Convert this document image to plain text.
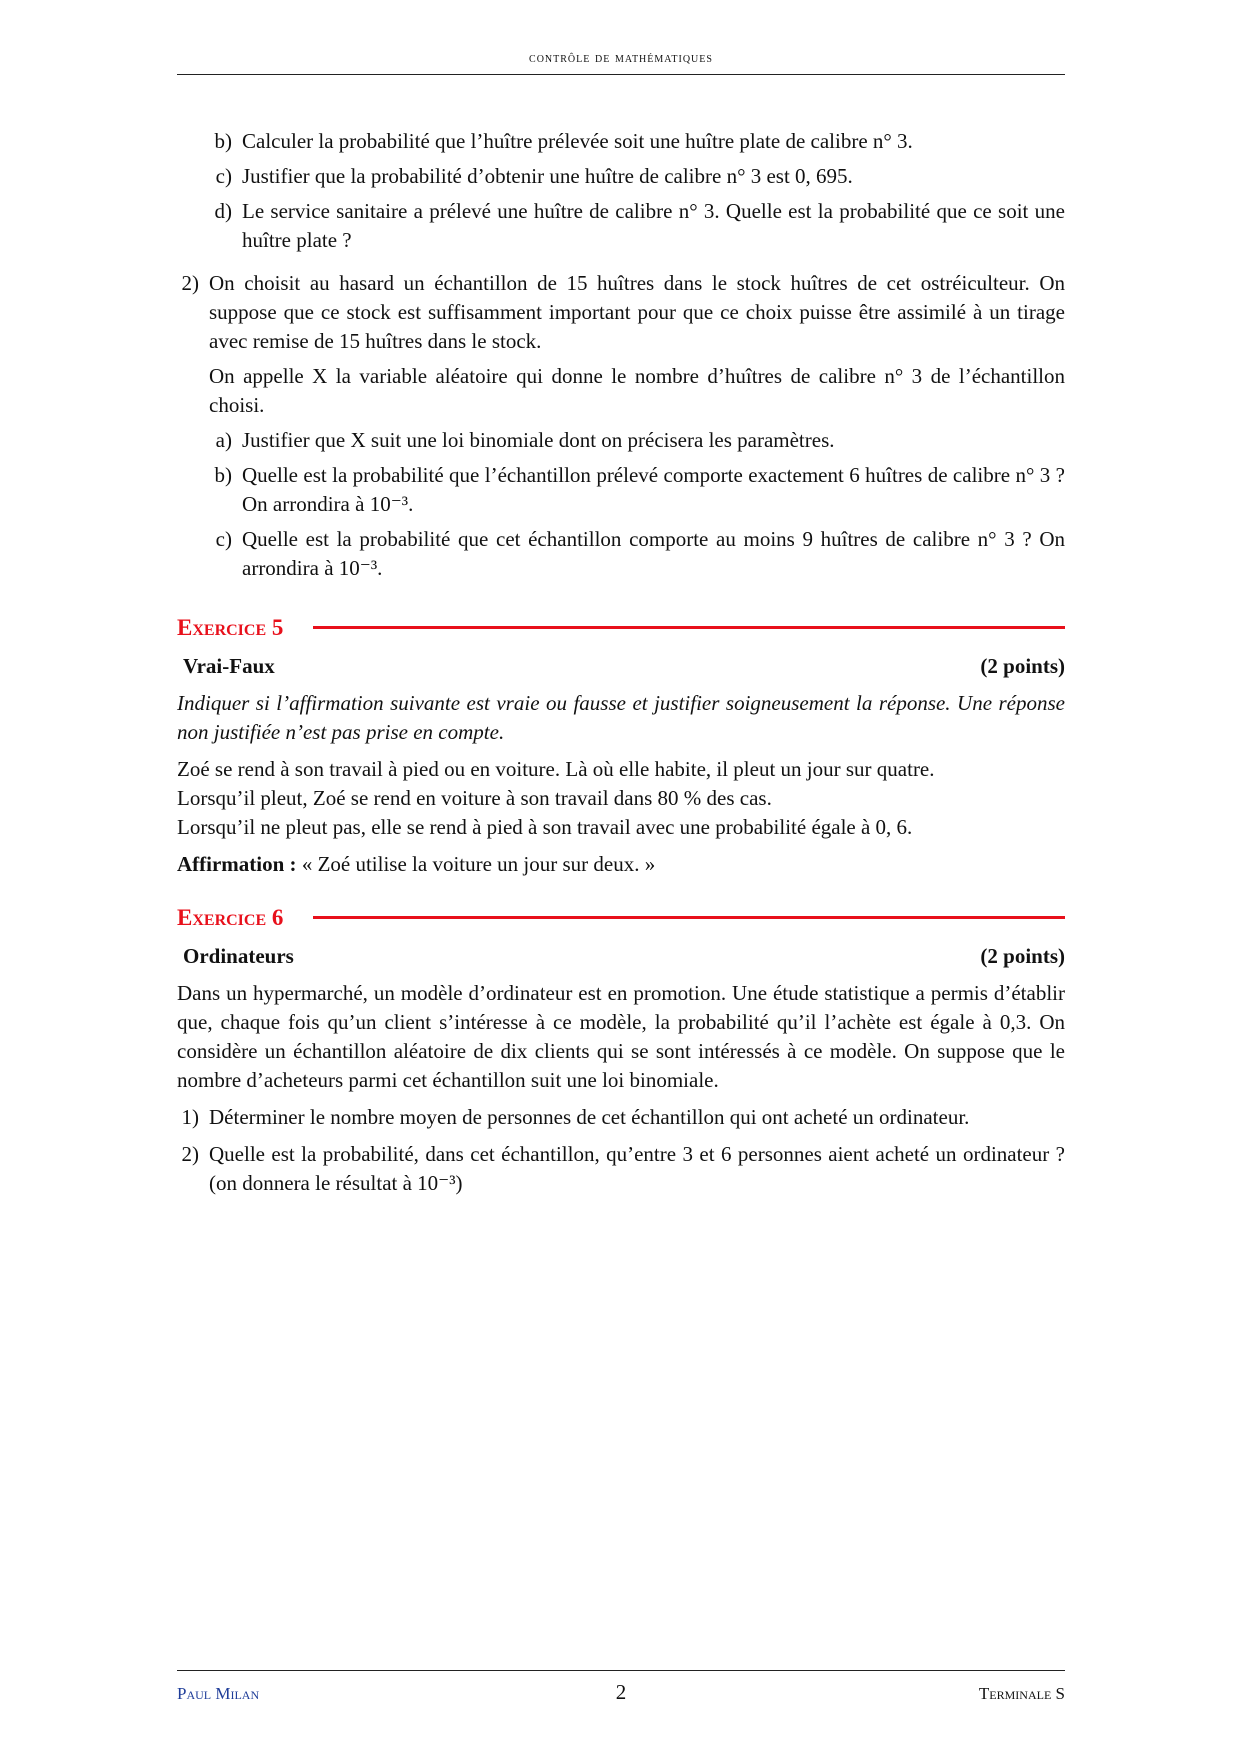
contrôle de mathématiques
b) Calculer la probabilité que l’huître prélevée soit une huître plate de calibre n° 3.
c) Justifier que la probabilité d’obtenir une huître de calibre n° 3 est 0, 695.
d) Le service sanitaire a prélevé une huître de calibre n° 3. Quelle est la probabilité que ce soit une huître plate ?
2) On choisit au hasard un échantillon de 15 huîtres dans le stock huîtres de cet ostréiculteur. On suppose que ce stock est suffisamment important pour que ce choix puisse être assimilé à un tirage avec remise de 15 huîtres dans le stock.
On appelle X la variable aléatoire qui donne le nombre d’huîtres de calibre n° 3 de l’échantillon choisi.
a) Justifier que X suit une loi binomiale dont on précisera les paramètres.
b) Quelle est la probabilité que l’échantillon prélevé comporte exactement 6 huîtres de calibre n° 3 ? On arrondira à 10⁻³.
c) Quelle est la probabilité que cet échantillon comporte au moins 9 huîtres de calibre n° 3 ? On arrondira à 10⁻³.
Exercice 5
Vrai-Faux	(2 points)
Indiquer si l’affirmation suivante est vraie ou fausse et justifier soigneusement la réponse. Une réponse non justifiée n’est pas prise en compte.
Zoé se rend à son travail à pied ou en voiture. Là où elle habite, il pleut un jour sur quatre.
Lorsqu’il pleut, Zoé se rend en voiture à son travail dans 80 % des cas.
Lorsqu’il ne pleut pas, elle se rend à pied à son travail avec une probabilité égale à 0, 6.
Affirmation : « Zoé utilise la voiture un jour sur deux. »
Exercice 6
Ordinateurs	(2 points)
Dans un hypermarché, un modèle d’ordinateur est en promotion. Une étude statistique a permis d’établir que, chaque fois qu’un client s’intéresse à ce modèle, la probabilité qu’il l’achète est égale à 0,3. On considère un échantillon aléatoire de dix clients qui se sont intéressés à ce modèle. On suppose que le nombre d’acheteurs parmi cet échantillon suit une loi binomiale.
1) Déterminer le nombre moyen de personnes de cet échantillon qui ont acheté un ordinateur.
2) Quelle est la probabilité, dans cet échantillon, qu’entre 3 et 6 personnes aient acheté un ordinateur ? (on donnera le résultat à 10⁻³)
Paul Milan	2	Terminale S
